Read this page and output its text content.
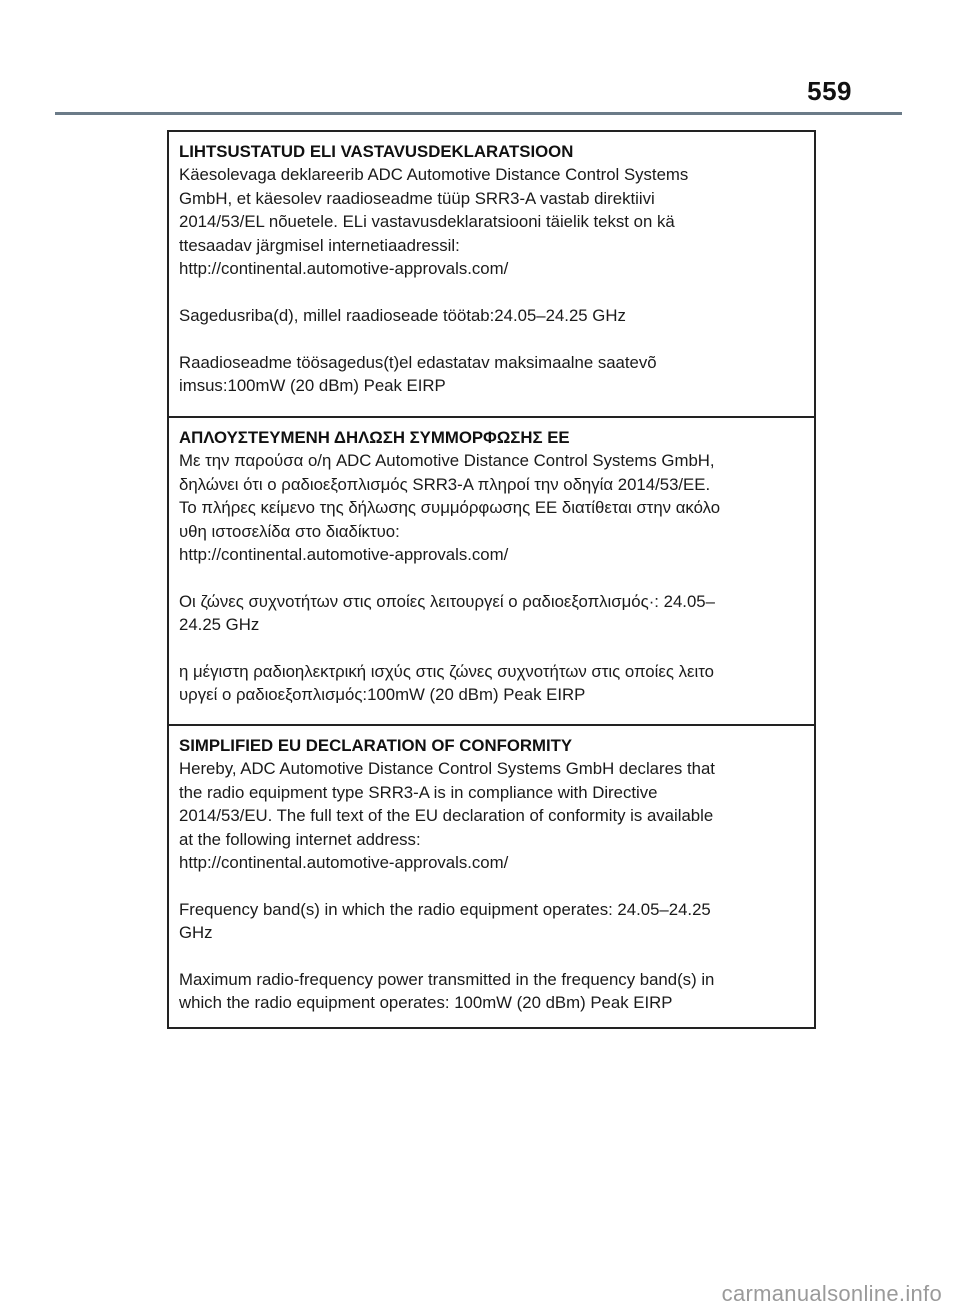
559
LIHTSUSTATUD ELI VASTAVUSDEKLARATSIOON
Käesolevaga deklareerib ADC Automotive Distance Control Systems
GmbH, et käesolev raadioseadme tüüp SRR3-A vastab direktiivi
2014/53/EL nõuetele. ELi vastavusdeklaratsiooni täielik tekst on kä
ttesaadav järgmisel internetiaadressil:
http://continental.automotive-approvals.com/
Sagedusriba(d), millel raadioseade töötab:24.05–24.25 GHz
Raadioseadme töösagedus(t)el edastatav maksimaalne saatevõ
imsus:100mW (20 dBm) Peak EIRP
ΑΠΛΟΥΣΤΕΥΜΕΝΗ ΔΗΛΩΣΗ ΣΥΜΜΟΡΦΩΣΗΣ ΕΕ
Με την παρούσα ο/η ADC Automotive Distance Control Systems GmbH,
δηλώνει ότι ο ραδιοεξοπλισμός SRR3-A πληροί την οδηγία 2014/53/ΕΕ.
Το πλήρες κείμενο της δήλωσης συμμόρφωσης ΕΕ διατίθεται στην ακόλο
υθη ιστοσελίδα στο διαδίκτυο:
http://continental.automotive-approvals.com/
Οι ζώνες συχνοτήτων στις οποίες λειτουργεί ο ραδιοεξοπλισμός·: 24.05–
24.25 GHz
η μέγιστη ραδιοηλεκτρική ισχύς στις ζώνες συχνοτήτων στις οποίες λειτο
υργεί ο ραδιοεξοπλισμός:100mW (20 dBm) Peak EIRP
SIMPLIFIED EU DECLARATION OF CONFORMITY
Hereby, ADC Automotive Distance Control Systems GmbH declares that
the radio equipment type SRR3-A is in compliance with Directive
2014/53/EU. The full text of the EU declaration of conformity is available
at the following internet address:
http://continental.automotive-approvals.com/
Frequency band(s) in which the radio equipment operates: 24.05–24.25
GHz
Maximum radio-frequency power transmitted in the frequency band(s) in
which the radio equipment operates: 100mW (20 dBm) Peak EIRP
carmanualsonline.info
